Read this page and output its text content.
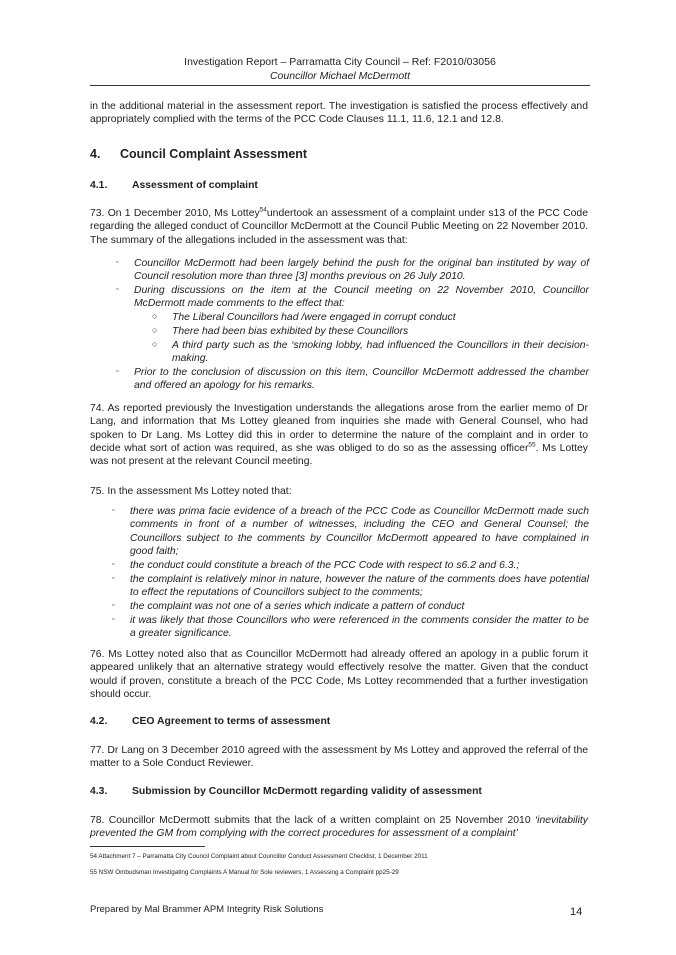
Investigation Report – Parramatta City Council – Ref: F2010/03056
Councillor Michael McDermott
in the additional material in the assessment report. The investigation is satisfied the process effectively and appropriately complied with the terms of the PCC Code Clauses 11.1, 11.6, 12.1 and 12.8.
4. Council Complaint Assessment
4.1. Assessment of complaint
73. On 1 December 2010, Ms Lottey$^{54}$undertook an assessment of a complaint under s13 of the PCC Code regarding the alleged conduct of Councillor McDermott at the Council Public Meeting on 22 November 2010. The summary of the allegations included in the assessment was that:
▫ Councillor McDermott had been largely behind the push for the original ban instituted by way of Council resolution more than three [3] months previous on 26 July 2010.
▫ During discussions on the item at the Council meeting on 22 November 2010, Councillor McDermott made comments to the effect that:
○ The Liberal Councillors had /were engaged in corrupt conduct
○ There had been bias exhibited by these Councillors
○ A third party such as the ‘smoking lobby, had influenced the Councillors in their decision-making.
▫ Prior to the conclusion of discussion on this item, Councillor McDermott addressed the chamber and offered an apology for his remarks.
74. As reported previously the Investigation understands the allegations arose from the earlier memo of Dr Lang, and information that Ms Lottey gleaned from inquiries she made with General Counsel, who had spoken to Dr Lang. Ms Lottey did this in order to determine the nature of the complaint and in order to decide what sort of action was required, as she was obliged to do so as the assessing officer$^{55}$. Ms Lottey was not present at the relevant Council meeting.
75. In the assessment Ms Lottey noted that:
▫ there was prima facie evidence of a breach of the PCC Code as Councillor McDermott made such comments in front of a number of witnesses, including the CEO and General Counsel; the Councillors subject to the comments by Councillor McDermott appeared to have complained in good faith;
▫ the conduct could constitute a breach of the PCC Code with respect to s6.2 and 6.3.;
▫ the complaint is relatively minor in nature, however the nature of the comments does have potential to effect the reputations of Councillors subject to the comments;
▫ the complaint was not one of a series which indicate a pattern of conduct
▫ it was likely that those Councillors who were referenced in the comments consider the matter to be a greater significance.
76. Ms Lottey noted also that as Councillor McDermott had already offered an apology in a public forum it appeared unlikely that an alternative strategy would effectively resolve the matter. Given that the conduct would if proven, constitute a breach of the PCC Code, Ms Lottey recommended that a further investigation should occur.
4.2. CEO Agreement to terms of assessment
77. Dr Lang on 3 December 2010 agreed with the assessment by Ms Lottey and approved the referral of the matter to a Sole Conduct Reviewer.
4.3. Submission by Councillor McDermott regarding validity of assessment
78. Councillor McDermott submits that the lack of a written complaint on 25 November 2010 ‘inevitability prevented the GM from complying with the correct procedures for assessment of a complaint’
54 Attachment 7 – Parramatta City Council Complaint about Councillor Conduct Assessment Checklist, 1 December 2011
55 NSW Ombudsman Investigating Complaints A Manual for Sole reviewers, 1 Assessing a Complaint pp25-29
Prepared by Mal Brammer APM Integrity Risk Solutions	14
